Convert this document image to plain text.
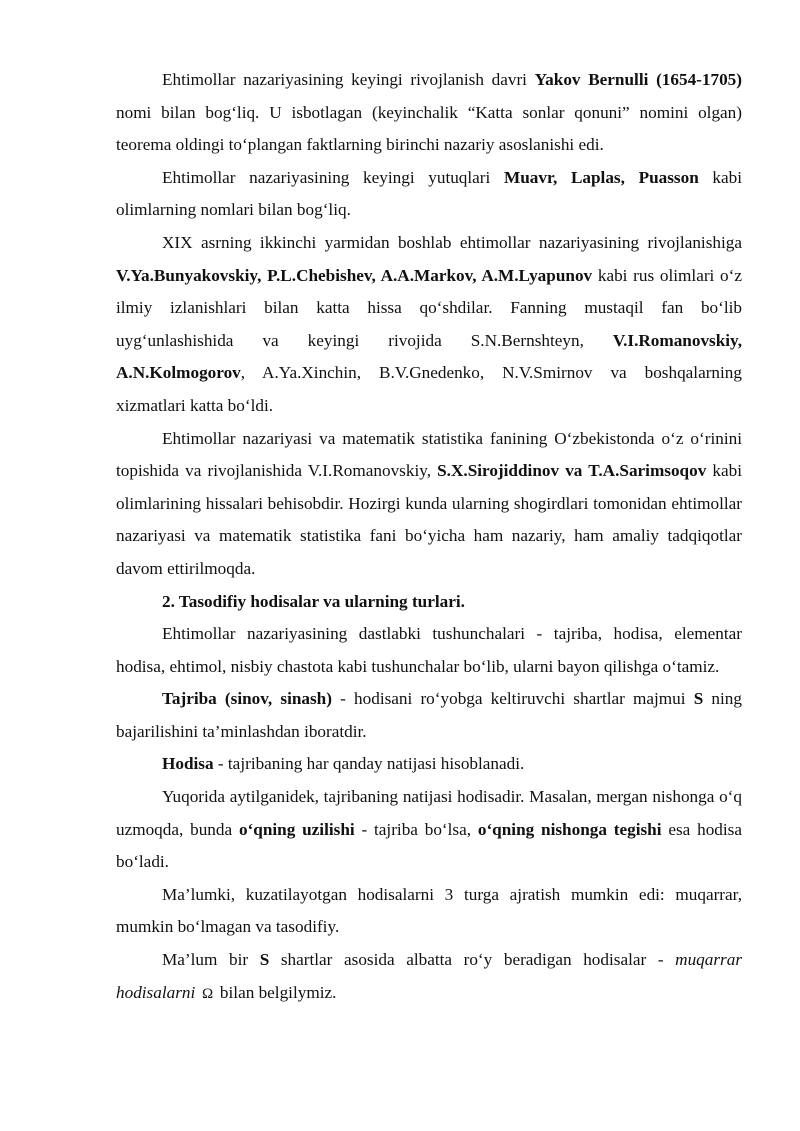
Ehtimollar nazariyasining keyingi rivojlanish davri Yakov Bernulli (1654-1705) nomi bilan bog‘liq. U isbotlagan (keyinchalik “Katta sonlar qonuni” nomini olgan) teorema oldingi to‘plangan faktlarning birinchi nazariy asoslanishi edi.

Ehtimollar nazariyasining keyingi yutuqlari Muavr, Laplas, Puasson kabi olimlarning nomlari bilan bog‘liq.

XIX asrning ikkinchi yarmidan boshlab ehtimollar nazariyasining rivojlanishiga V.Ya.Bunyakovskiy, P.L.Chebishev, A.A.Markov, A.M.Lyapunov kabi rus olimlari o‘z ilmiy izlanishlari bilan katta hissa qo‘shdilar. Fanning mustaqil fan bo‘lib uyg‘unlashishida va keyingi rivojida S.N.Bernshteyn, V.I.Romanovskiy, A.N.Kolmogorov, A.Ya.Xinchin, B.V.Gnedenko, N.V.Smirnov va boshqalarning xizmatlari katta bo‘ldi.

Ehtimollar nazariyasi va matematik statistika fanining O‘zbekistonda o‘z o‘rinini topishida va rivojlanishida V.I.Romanovskiy, S.X.Sirojiddinov va T.A.Sarimsoqov kabi olimlarining hissalari behisobdir. Hozirgi kunda ularning shogirdlari tomonidan ehtimollar nazariyasi va matematik statistika fani bo‘yicha ham nazariy, ham amaliy tadqiqotlar davom ettirilmoqda.

2. Tasodifiy hodisalar va ularning turlari.

Ehtimollar nazariyasining dastlabki tushunchalari - tajriba, hodisa, elementar hodisa, ehtimol, nisbiy chastota kabi tushunchalar bo‘lib, ularni bayon qilishga o‘tamiz.

Tajriba (sinov, sinash) - hodisani ro‘yobga keltiruvchi shartlar majmui S ning bajarilishini ta’minlashdan iboratdir.

Hodisa - tajribaning har qanday natijasi hisoblanadi.

Yuqorida aytilganidek, tajribaning natijasi hodisadir. Masalan, mergan nishonga o‘q uzmoqda, bunda o‘qning uzilishi - tajriba bo‘lsa, o‘qning nishonga tegishi esa hodisa bo‘ladi.

Ma’lumki, kuzatilayotgan hodisalarni 3 turga ajratish mumkin edi: muqarrar, mumkin bo‘lmagan va tasodifiy.

Ma’lum bir S shartlar asosida albatta ro‘y beradigan hodisalar - muqarrar hodisalarni Ω bilan belgilymiz.
